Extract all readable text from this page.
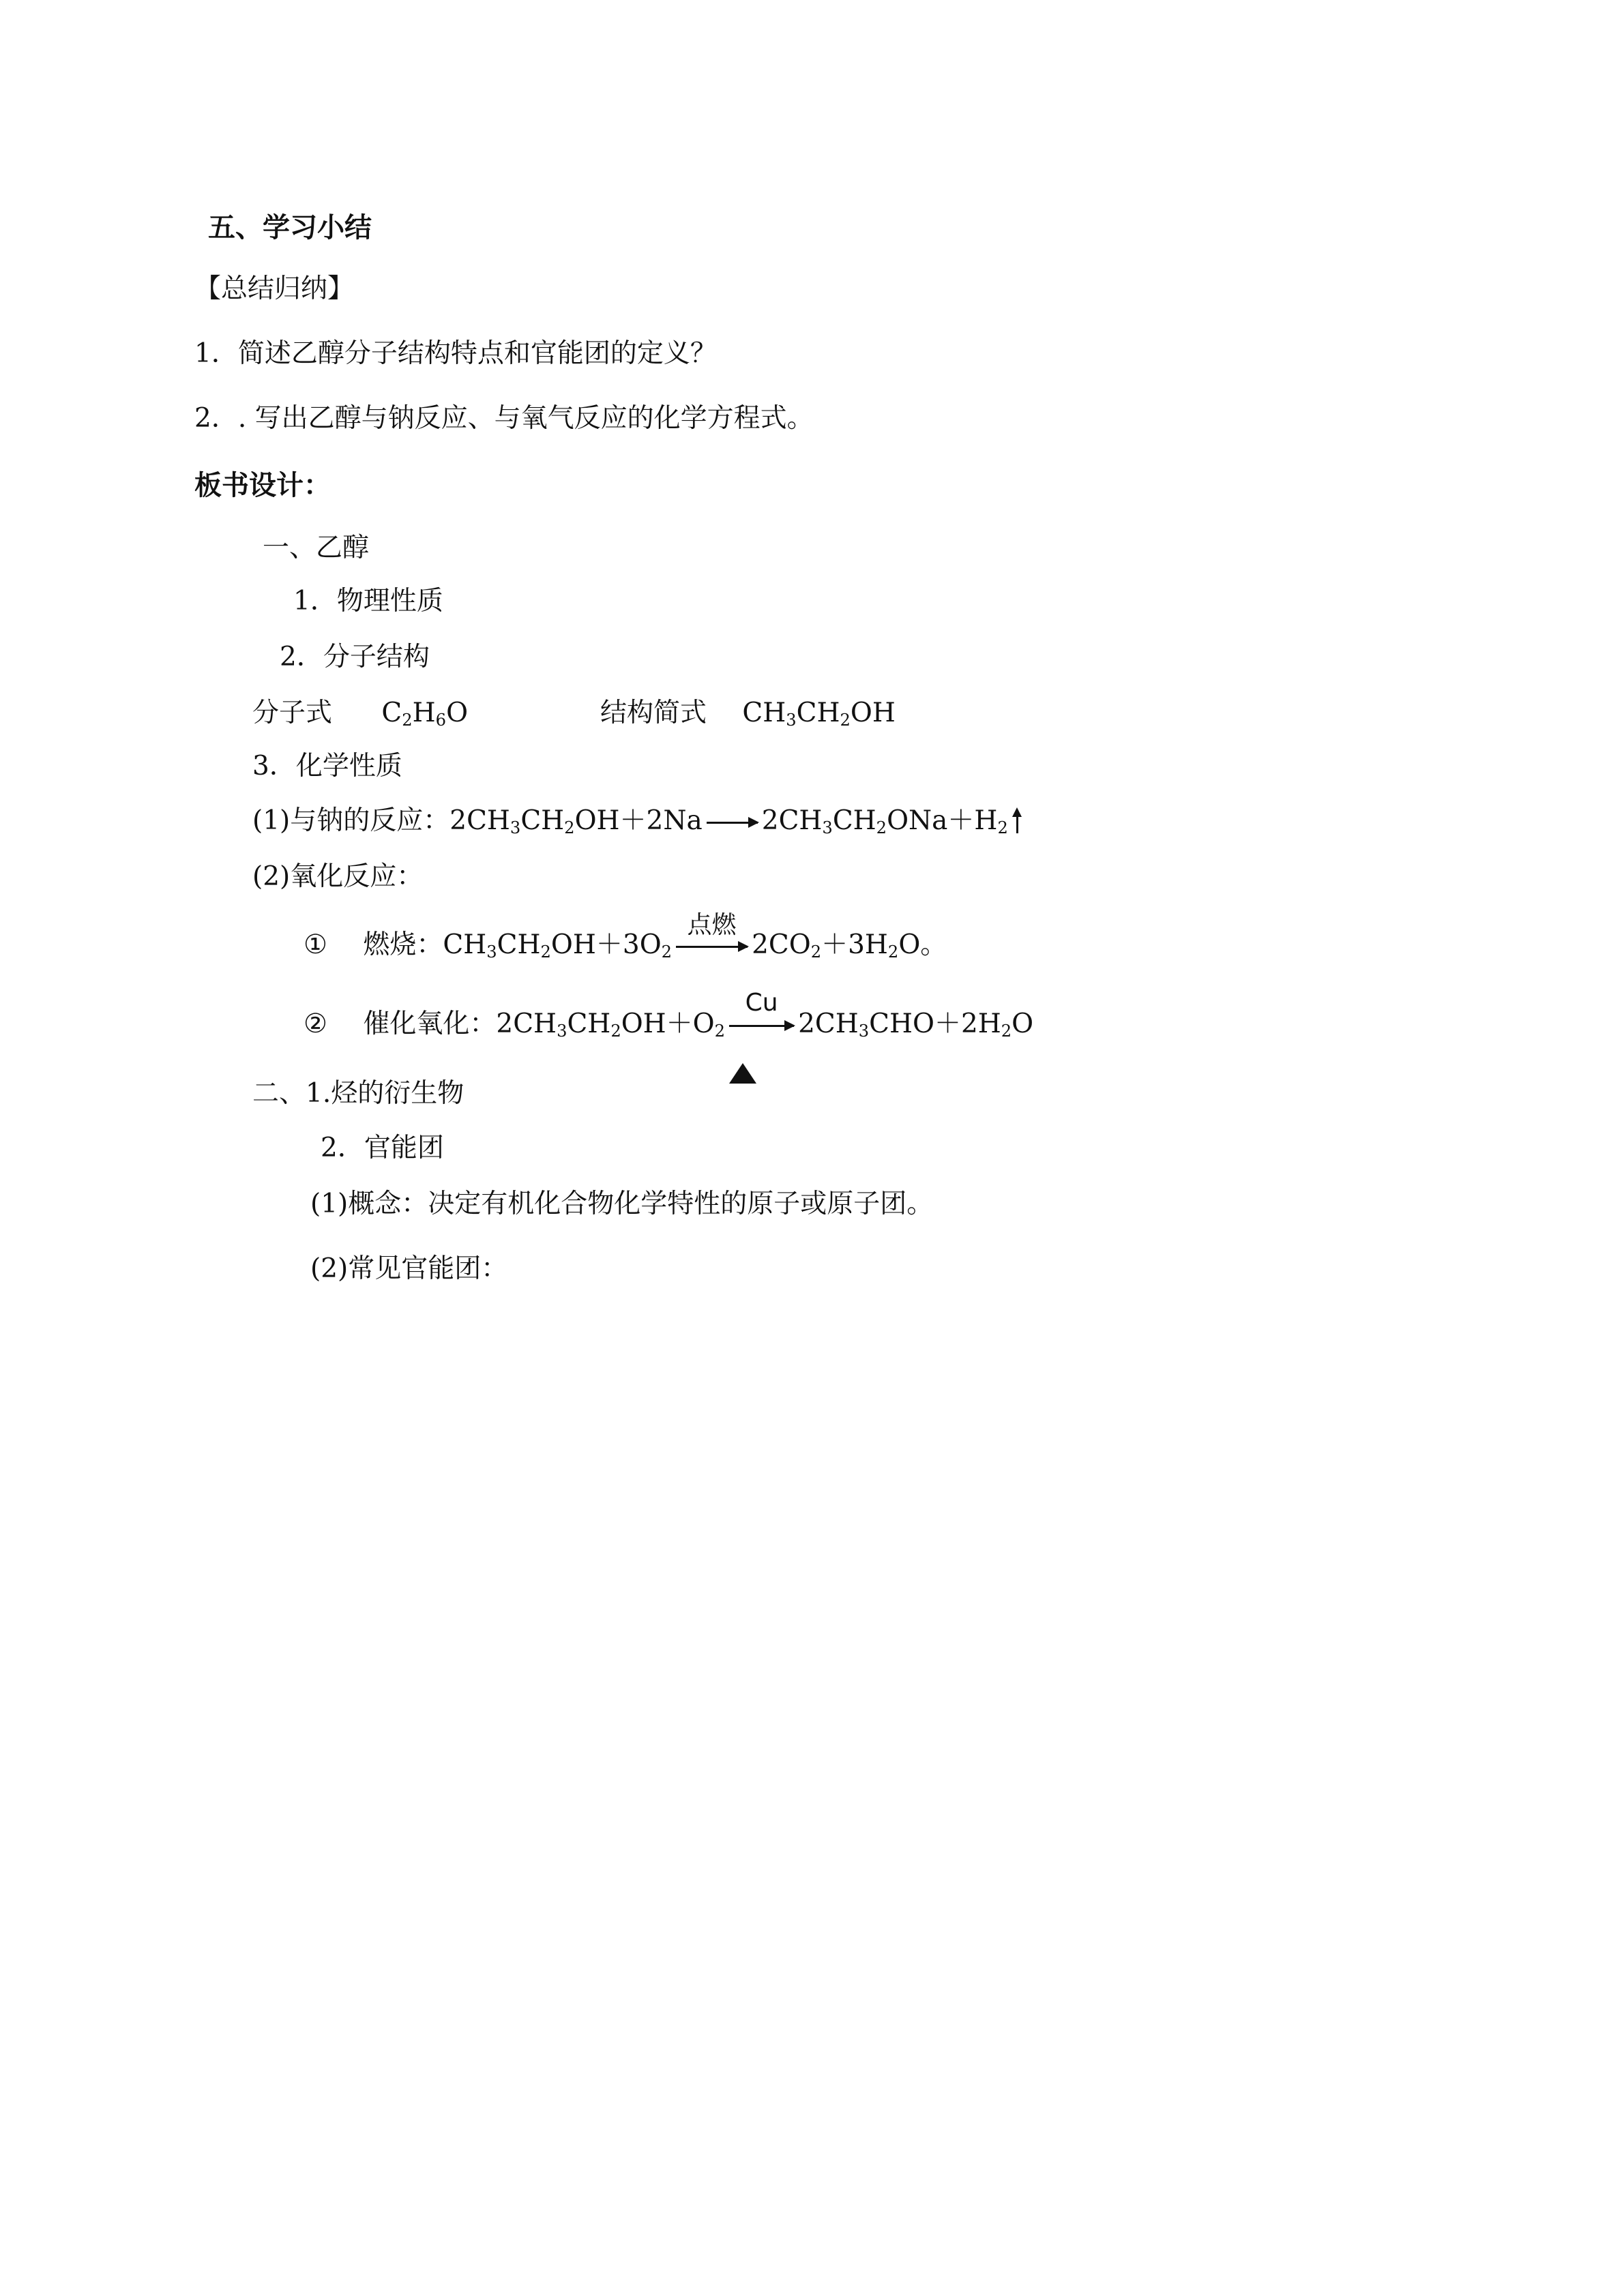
五、学习小结
【总结归纳】
1．简述乙醇分子结构特点和官能团的定义？
2．. 写出乙醇与钠反应、与氧气反应的化学方程式。
板书设计：
一、乙醇
1．物理性质
2．分子结构
分子式 $C_2H_6O$	结构简式 $CH_3CH_2OH$
3．化学性质
(1)与钠的反应：$2CH_3CH_2OH+2Na \to 2CH_3CH_2ONa+H_2$
(2)氧化反应：
① 燃烧：$CH_3CH_2OH+3O_2$
点燃
$2CO_2+3H_2O$。
② 催化氧化：$2CH_3CH_2OH+O_2$
Cu
$2CH_3CHO+2H_2O$
二、1.烃的衍生物
2．官能团
(1)概念：决定有机化合物化学特性的原子或原子团。
(2)常见官能团：
